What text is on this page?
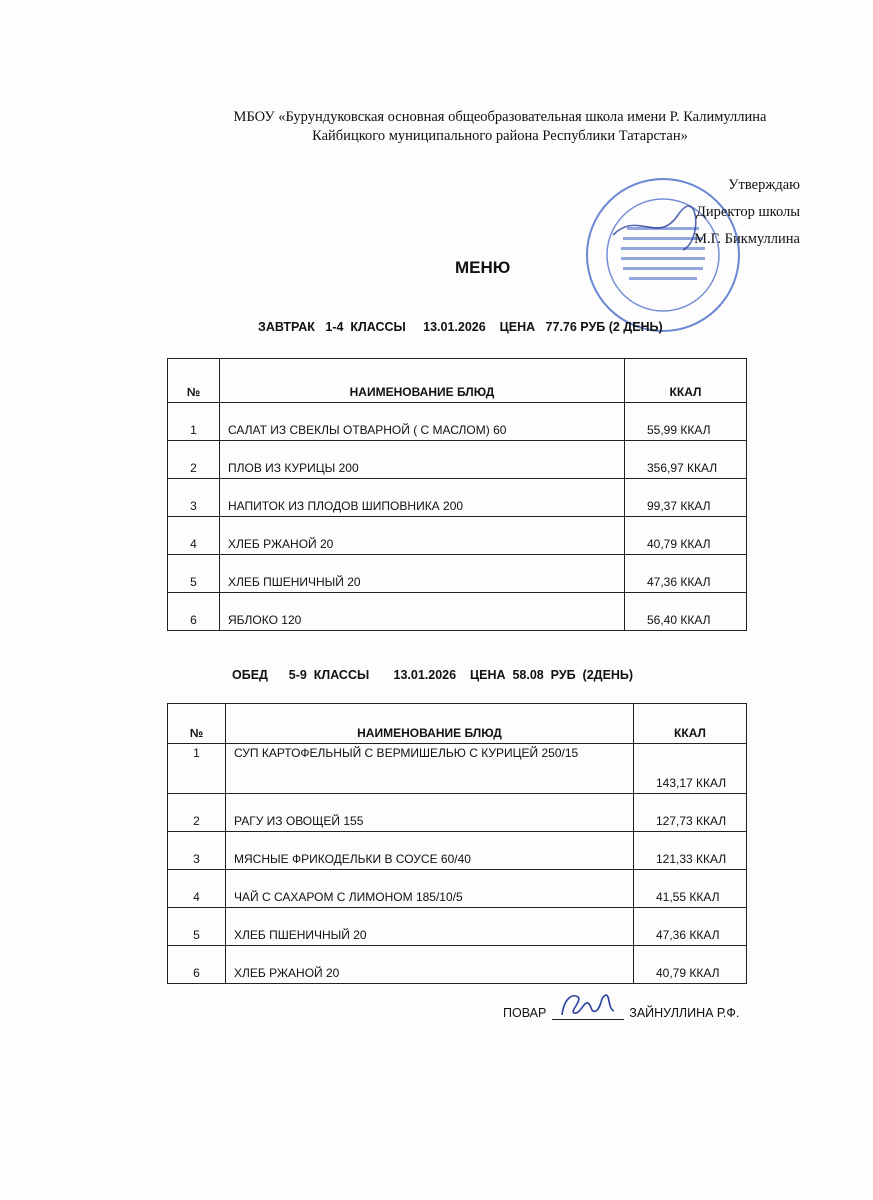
МБОУ «Бурундуковская основная общеобразовательная школа имени Р. Калимуллина
Кайбицкого муниципального района Республики Татарстан»
Утверждаю
Директор школы
М.Г. Бикмуллина
МЕНЮ
ЗАВТРАК   1-4  КЛАССЫ     13.01.2026    ЦЕНА   77.76 РУБ (2 ДЕНЬ)
№	НАИМЕНОВАНИЕ БЛЮД	ККАЛ
1	САЛАТ ИЗ СВЕКЛЫ ОТВАРНОЙ ( С МАСЛОМ) 60	55,99 ККАЛ
2	ПЛОВ ИЗ КУРИЦЫ 200	356,97 ККАЛ
3	НАПИТОК ИЗ ПЛОДОВ ШИПОВНИКА 200	99,37 ККАЛ
4	ХЛЕБ РЖАНОЙ 20	40,79 ККАЛ
5	ХЛЕБ ПШЕНИЧНЫЙ 20	47,36 ККАЛ
6	ЯБЛОКО 120	56,40 ККАЛ
ОБЕД      5-9  КЛАССЫ       13.01.2026    ЦЕНА  58.08  РУБ  (2ДЕНЬ)
№	НАИМЕНОВАНИЕ БЛЮД	ККАЛ
1	СУП КАРТОФЕЛЬНЫЙ С ВЕРМИШЕЛЬЮ С КУРИЦЕЙ 250/15	143,17 ККАЛ
2	РАГУ ИЗ ОВОЩЕЙ 155	127,73 ККАЛ
3	МЯСНЫЕ ФРИКОДЕЛЬКИ В СОУСЕ 60/40	121,33 ККАЛ
4	ЧАЙ С САХАРОМ С ЛИМОНОМ 185/10/5	41,55 ККАЛ
5	ХЛЕБ ПШЕНИЧНЫЙ 20	47,36 ККАЛ
6	ХЛЕБ РЖАНОЙ 20	40,79 ККАЛ
ПОВАР	ЗАЙНУЛЛИНА Р.Ф.
